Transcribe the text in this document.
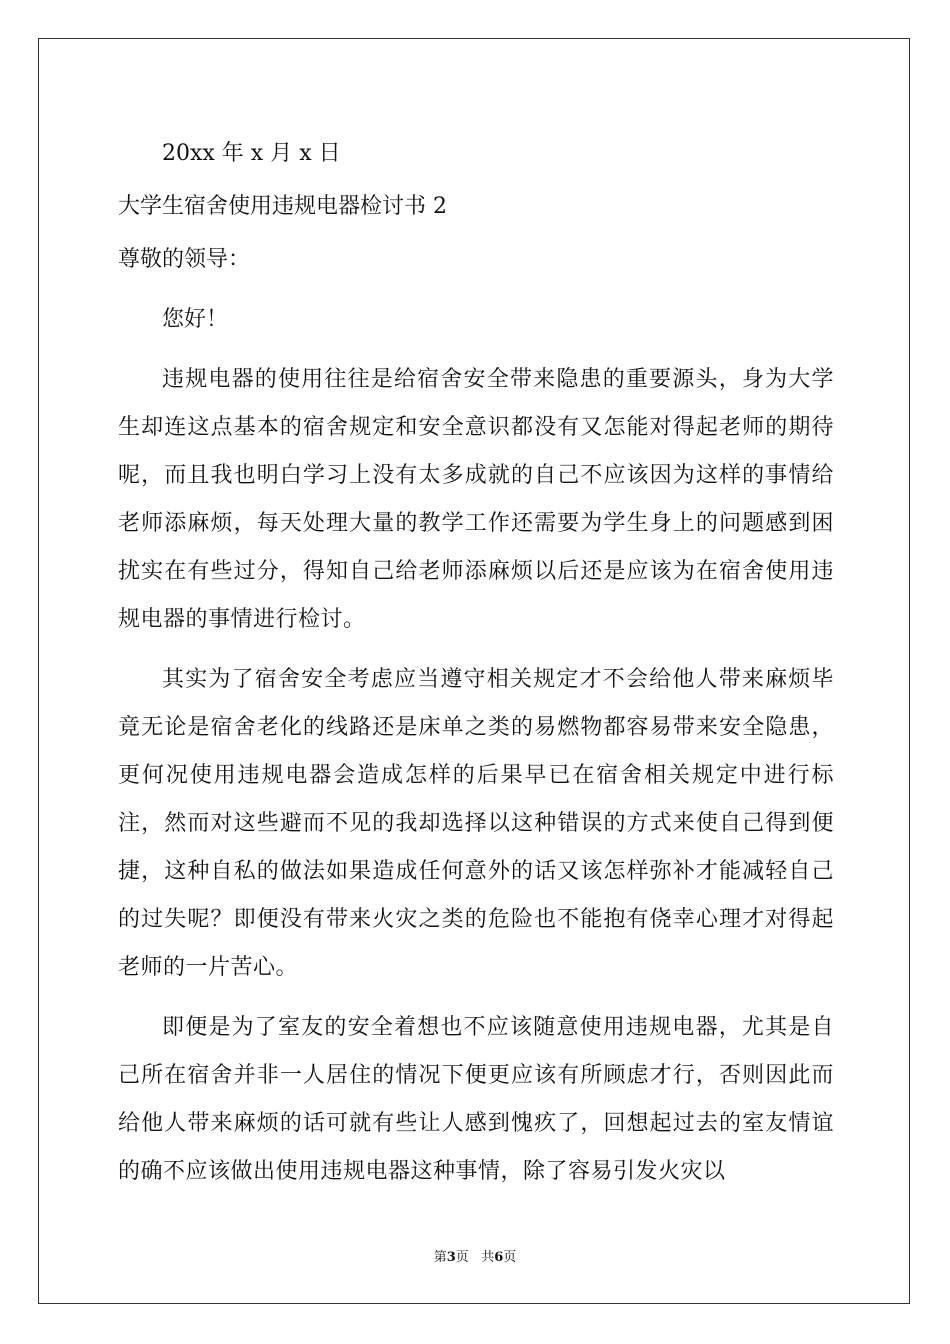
20xx 年 x 月 x 日
大学生宿舍使用违规电器检讨书 2
尊敬的领导：
您好！
违规电器的使用往往是给宿舍安全带来隐患的重要源头，身为大学生却连这点基本的宿舍规定和安全意识都没有又怎能对得起老师的期待呢，而且我也明白学习上没有太多成就的自己不应该因为这样的事情给老师添麻烦，每天处理大量的教学工作还需要为学生身上的问题感到困扰实在有些过分，得知自己给老师添麻烦以后还是应该为在宿舍使用违规电器的事情进行检讨。
其实为了宿舍安全考虑应当遵守相关规定才不会给他人带来麻烦毕竟无论是宿舍老化的线路还是床单之类的易燃物都容易带来安全隐患，更何况使用违规电器会造成怎样的后果早已在宿舍相关规定中进行标注，然而对这些避而不见的我却选择以这种错误的方式来使自己得到便捷，这种自私的做法如果造成任何意外的话又该怎样弥补才能减轻自己的过失呢？即便没有带来火灾之类的危险也不能抱有侥幸心理才对得起老师的一片苦心。
即便是为了室友的安全着想也不应该随意使用违规电器，尤其是自己所在宿舍并非一人居住的情况下便更应该有所顾虑才行，否则因此而给他人带来麻烦的话可就有些让人感到愧疚了，回想起过去的室友情谊的确不应该做出使用违规电器这种事情，除了容易引发火灾以
第3页 共6页
